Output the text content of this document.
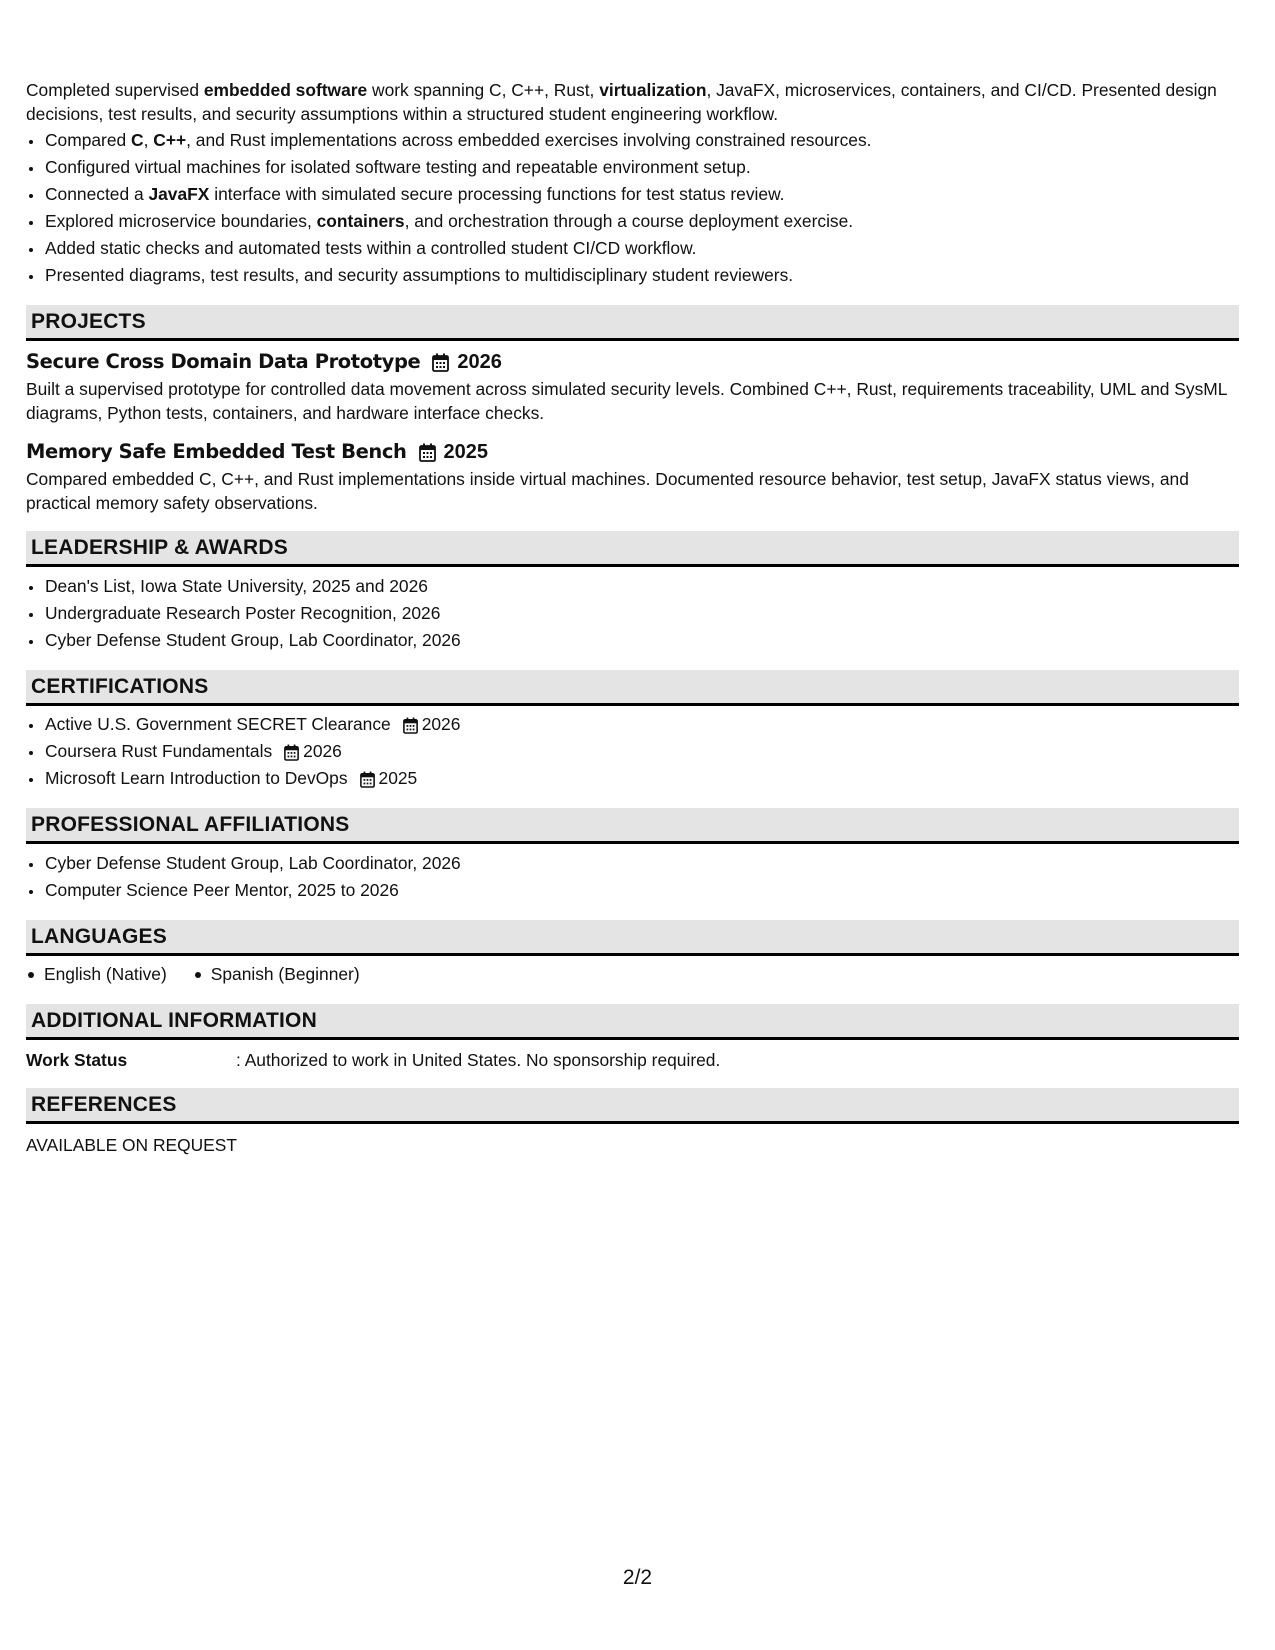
Completed supervised embedded software work spanning C, C++, Rust, virtualization, JavaFX, microservices, containers, and CI/CD. Presented design decisions, test results, and security assumptions within a structured student engineering workflow.

• Compared C, C++, and Rust implementations across embedded exercises involving constrained resources.
• Configured virtual machines for isolated software testing and repeatable environment setup.
• Connected a JavaFX interface with simulated secure processing functions for test status review.
• Explored microservice boundaries, containers, and orchestration through a course deployment exercise.
• Added static checks and automated tests within a controlled student CI/CD workflow.
• Presented diagrams, test results, and security assumptions to multidisciplinary student reviewers.
PROJECTS
Secure Cross Domain Data Prototype 2026
Built a supervised prototype for controlled data movement across simulated security levels. Combined C++, Rust, requirements traceability, UML and SysML diagrams, Python tests, containers, and hardware interface checks.
Memory Safe Embedded Test Bench 2025
Compared embedded C, C++, and Rust implementations inside virtual machines. Documented resource behavior, test setup, JavaFX status views, and practical memory safety observations.
LEADERSHIP & AWARDS
• Dean's List, Iowa State University, 2025 and 2026
• Undergraduate Research Poster Recognition, 2026
• Cyber Defense Student Group, Lab Coordinator, 2026
CERTIFICATIONS
• Active U.S. Government SECRET Clearance 2026
• Coursera Rust Fundamentals 2026
• Microsoft Learn Introduction to DevOps 2025
PROFESSIONAL AFFILIATIONS
• Cyber Defense Student Group, Lab Coordinator, 2026
• Computer Science Peer Mentor, 2025 to 2026
LANGUAGES
English (Native)	Spanish (Beginner)
ADDITIONAL INFORMATION
Work Status	: Authorized to work in United States. No sponsorship required.
REFERENCES
AVAILABLE ON REQUEST
2/2
